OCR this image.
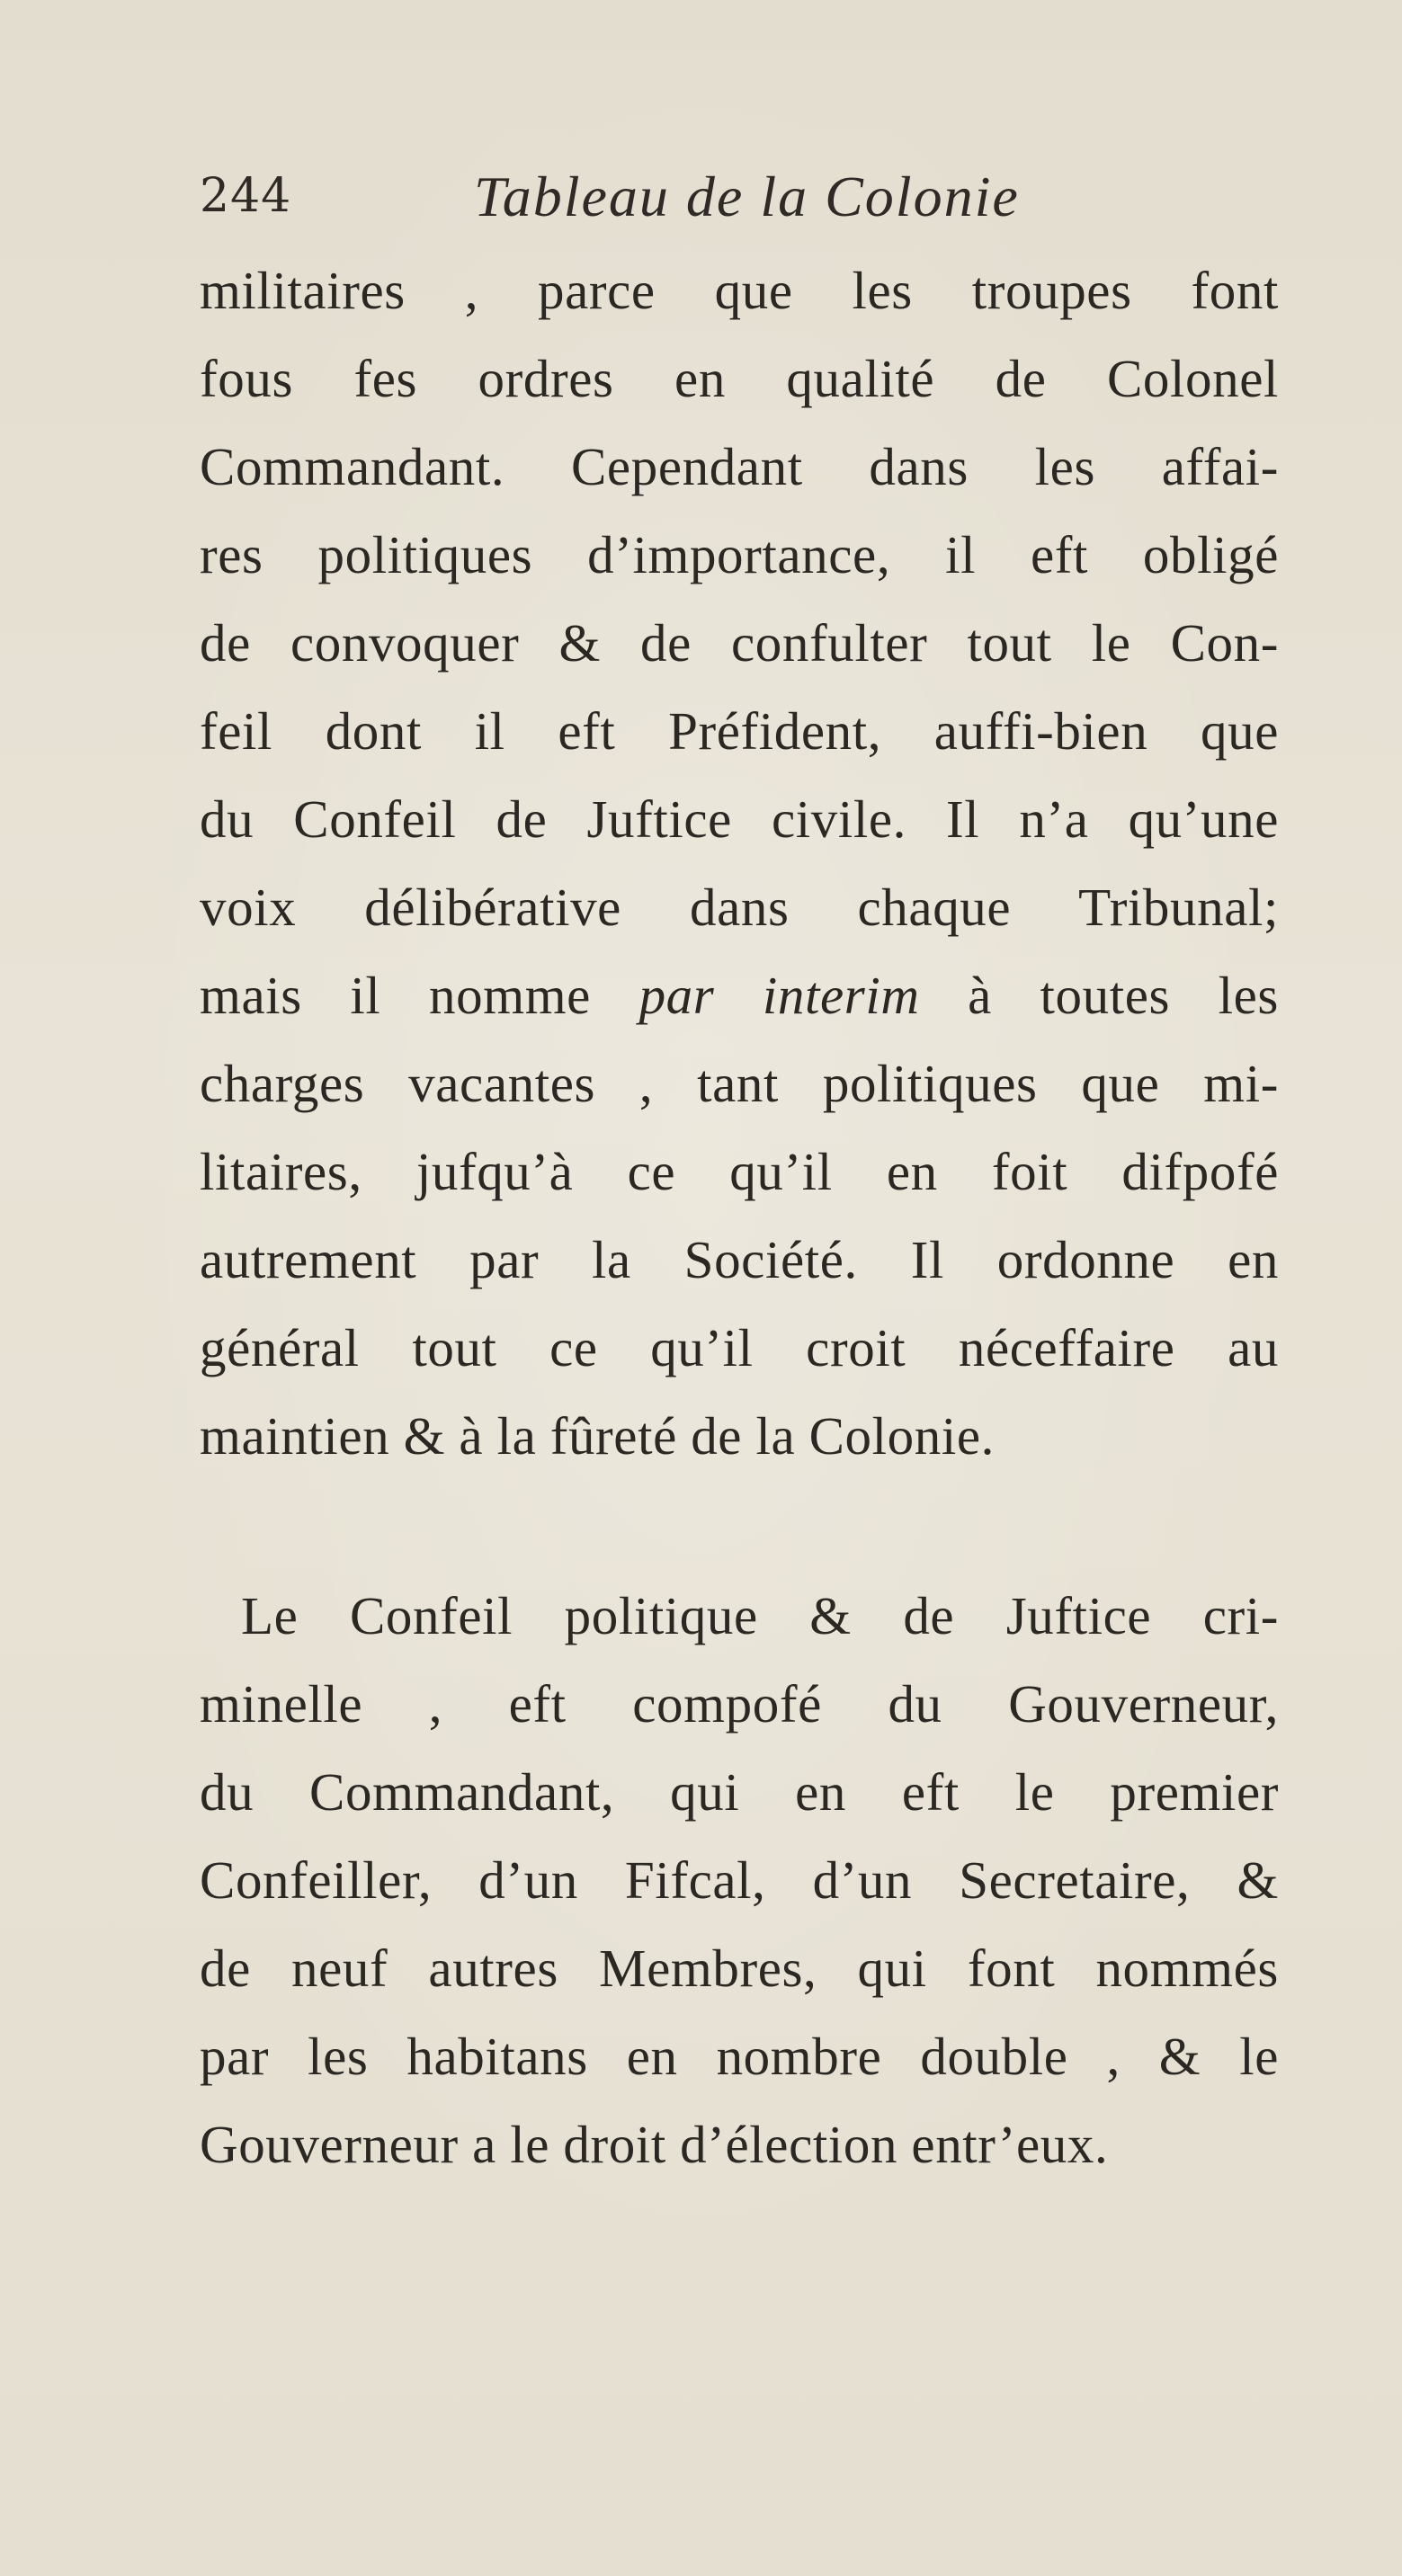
244	Tableau de la Colonie
militaires , parce que les troupes font
fous fes ordres en qualité de Colonel
Commandant. Cependant dans les affai-
res politiques d’importance, il eft obligé
de convoquer & de confulter tout le Con-
feil dont il eft Préfident, auffi-bien que
du Confeil de Juftice civile. Il n’a qu’une
voix délibérative dans chaque Tribunal;
mais il nomme par interim à toutes les
charges vacantes , tant politiques que mi-
litaires, jufqu’à ce qu’il en foit difpofé
autrement par la Société. Il ordonne en
général tout ce qu’il croit néceffaire au
maintien & à la fûreté de la Colonie.
Le Confeil politique & de Juftice cri-
minelle , eft compofé du Gouverneur,
du Commandant, qui en eft le premier
Confeiller, d’un Fifcal, d’un Secretaire, &
de neuf autres Membres, qui font nommés
par les habitans en nombre double , & le
Gouverneur a le droit d’élection entr’eux.
